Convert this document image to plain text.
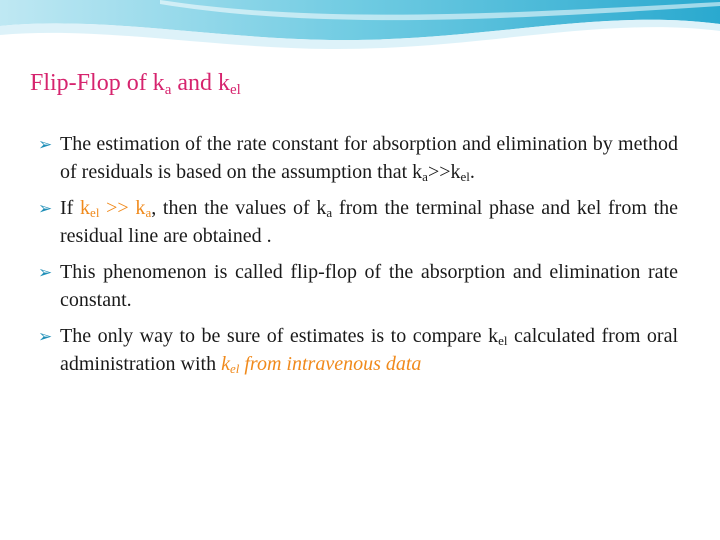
Flip-Flop of $k_a$ and $k_{el}$
➢ The estimation of the rate constant for absorption and elimination by method of residuals is based on the assumption that $k_a>>k_{el}$.
➢ If $k_{el} >> k_a$, then the values of $k_a$ from the terminal phase and kel from the residual line are obtained .
➢ This phenomenon is called flip-flop of the absorption and elimination rate constant.
➢ The only way to be sure of estimates is to compare $k_{el}$ calculated from oral administration with $k_{el}$ from intravenous data
